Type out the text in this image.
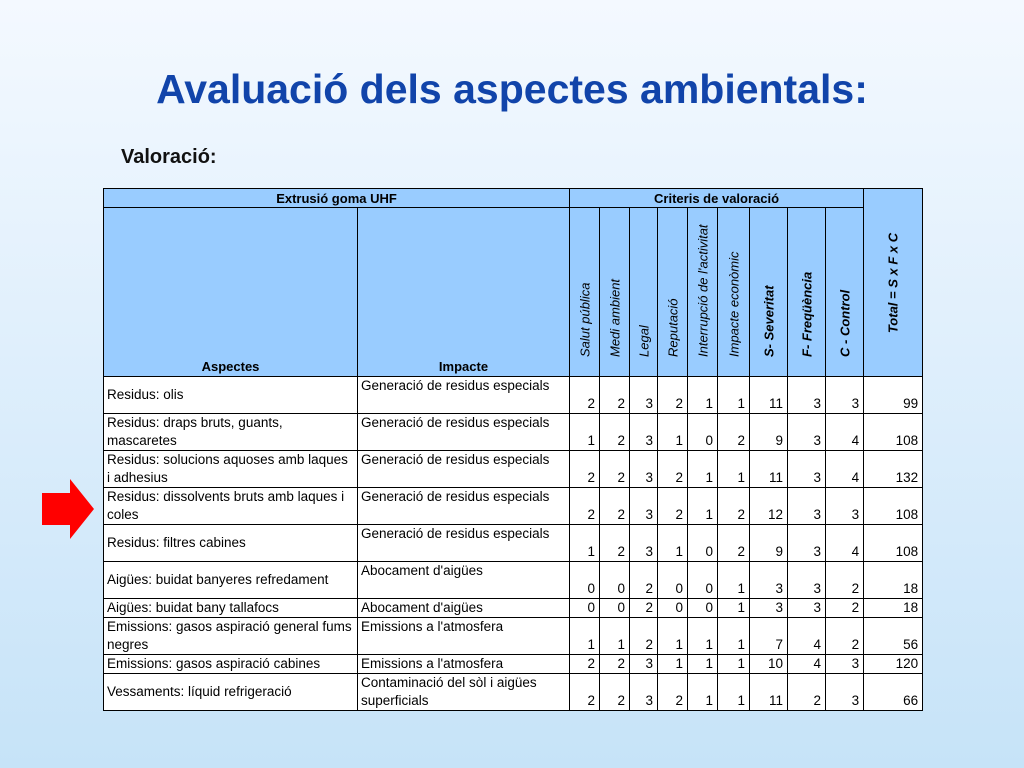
Avaluació dels aspectes ambientals:
Valoració:
Extrusió goma UHF		Criteris de valoració									Total = S x F x C

Aspectes	Impacte	Salut pública	Medi ambient	Legal	Reputació	Interrupció de l'activitat	Impacte econòmic	S- Severitat	F- Freqüència	C - Control	

Residus: olis	Generació de residus especials	2	2	3	2	1	1	11	3	3	99
Residus: draps bruts, guants, mascaretes	Generació de residus especials	1	2	3	1	0	2	9	3	4	108
Residus: solucions aquoses amb laques i adhesius	Generació de residus especials	2	2	3	2	1	1	11	3	4	132
Residus: dissolvents bruts amb laques i coles	Generació de residus especials	2	2	3	2	1	2	12	3	3	108
Residus: filtres cabines	Generació de residus especials	1	2	3	1	0	2	9	3	4	108
Aigües: buidat banyeres refredament	Abocament d'aigües	0	0	2	0	0	1	3	3	2	18
Aigües: buidat bany tallafocs	Abocament d'aigües	0	0	2	0	0	1	3	3	2	18
Emissions: gasos aspiració general fums negres	Emissions a l'atmosfera	1	1	2	1	1	1	7	4	2	56
Emissions: gasos aspiració cabines	Emissions a l'atmosfera	2	2	3	1	1	1	10	4	3	120
Vessaments: líquid refrigeració	Contaminació del sòl i aigües superficials	2	2	3	2	1	1	11	2	3	66
